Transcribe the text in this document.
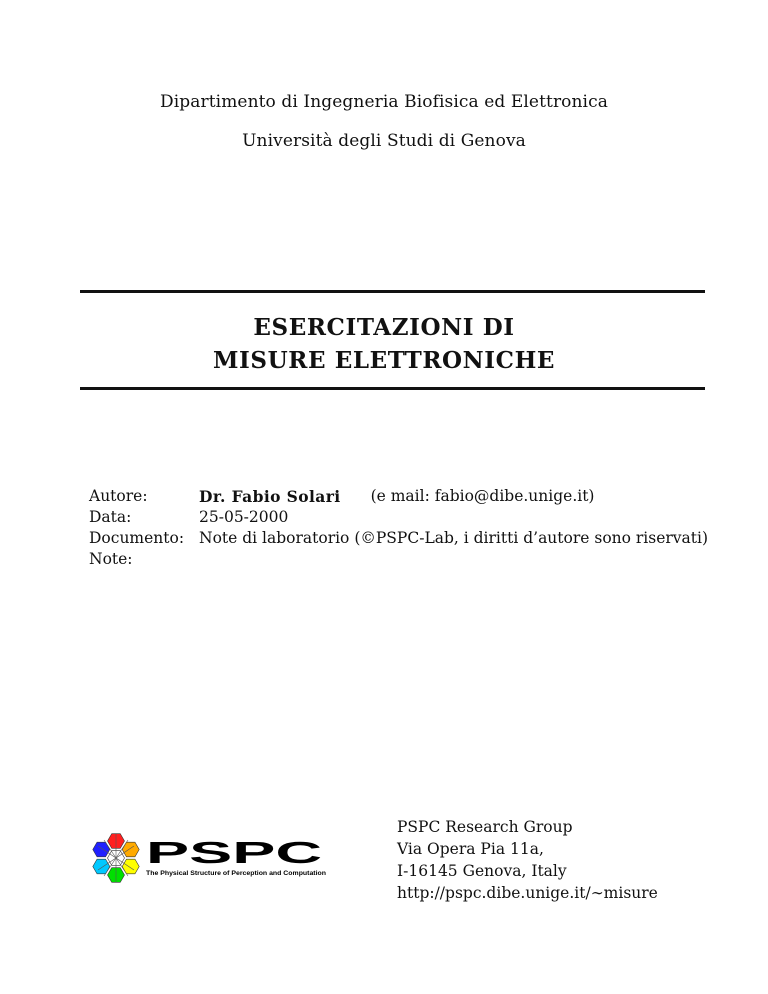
Dipartimento di Ingegneria Biofisica ed Elettronica
Università degli Studi di Genova
ESERCITAZIONI DI
MISURE ELETTRONICHE
Autore:	Dr. Fabio Solari (e mail: fabio@dibe.unige.it)
Data:	25-05-2000
Documento: Note di laboratorio (©PSPC-Lab, i diritti d’autore sono riservati)
Note:
PSPC
The Physical Structure of Perception and Computation
PSPC Research Group
Via Opera Pia 11a,
I-16145 Genova, Italy
http://pspc.dibe.unige.it/∼misure
